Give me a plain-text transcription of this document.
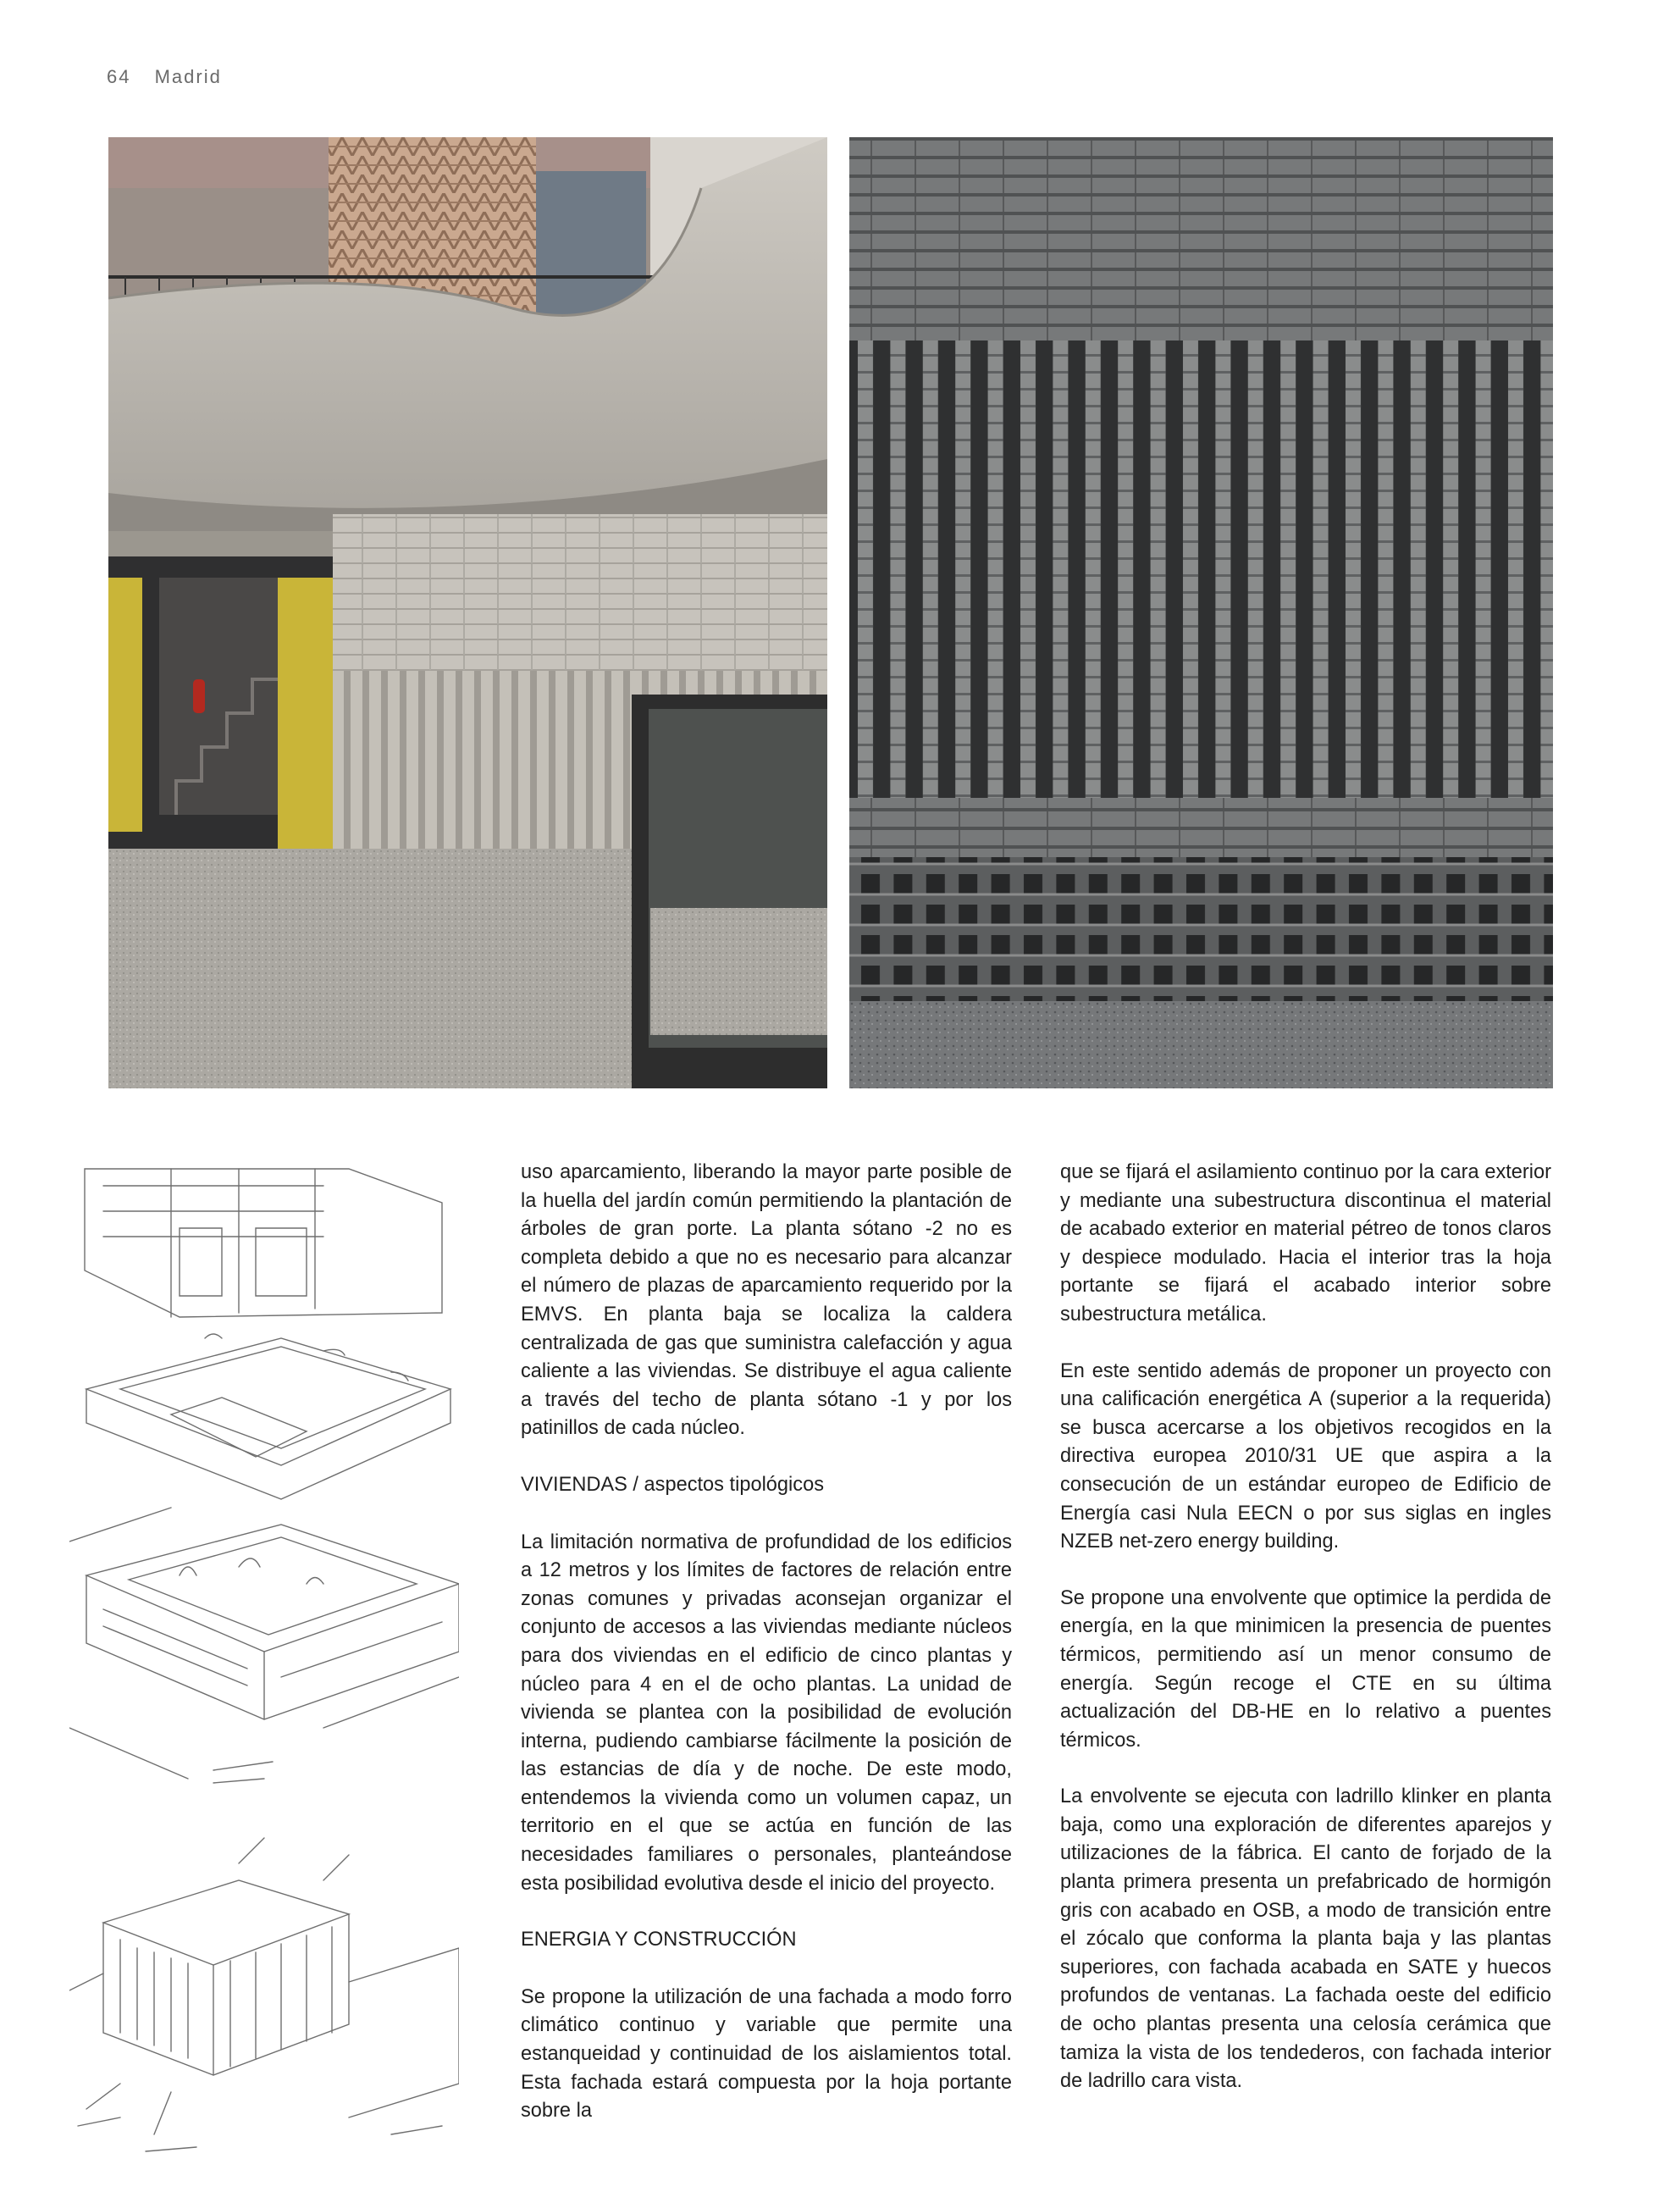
64 Madrid

uso aparcamiento, liberando la mayor parte posible de la huella del jardín común permitiendo la plantación de árboles de gran porte. La planta sótano -2 no es completa debido a que no es necesario para alcanzar el número de plazas de aparcamiento requerido por la EMVS. En planta baja se localiza la caldera centralizada de gas que suministra calefacción y agua caliente a las viviendas. Se distribuye el agua caliente a través del techo de planta sótano -1 y por los patinillos de cada núcleo.

VIVIENDAS / aspectos tipológicos

La limitación normativa de profundidad de los edificios a 12 metros y los límites de factores de relación entre zonas comunes y privadas aconsejan organizar el conjunto de accesos a las viviendas mediante núcleos para dos viviendas en el edificio de cinco plantas y núcleo para 4 en el de ocho plantas. La unidad de vivienda se plantea con la posibilidad de evolución interna, pudiendo cambiarse fácilmente la posición de las estancias de día y de noche. De este modo, entendemos la vivienda como un volumen capaz, un territorio en el que se actúa en función de las necesidades familiares o personales, planteándose esta posibilidad evolutiva desde el inicio del proyecto.

ENERGIA Y CONSTRUCCIÓN

Se propone la utilización de una fachada a modo forro climático continuo y variable que permite una estanqueidad y continuidad de los aislamientos total. Esta fachada estará compuesta por la hoja portante sobre la

que se fijará el asilamiento continuo por la cara exterior y mediante una subestructura discontinua el material de acabado exterior en material pétreo de tonos claros y despiece modulado. Hacia el interior tras la hoja portante se fijará el acabado interior sobre subestructura metálica.

En este sentido además de proponer un proyecto con una calificación energética A (superior a la requerida) se busca acercarse a los objetivos recogidos en la directiva europea 2010/31 UE que aspira a la consecución de un estándar europeo de Edificio de Energía casi Nula EECN o por sus siglas en ingles NZEB net-zero energy building.

Se propone una envolvente que optimice la perdida de energía, en la que minimicen la presencia de puentes térmicos, permitiendo así un menor consumo de energía. Según recoge el CTE en su última actualización del DB-HE en lo relativo a puentes térmicos.

La envolvente se ejecuta con ladrillo klinker en planta baja, como una exploración de diferentes aparejos y utilizaciones de la fábrica. El canto de forjado de la planta primera presenta un prefabricado de hormigón gris con acabado en OSB, a modo de transición entre el zócalo que conforma la planta baja y las plantas superiores, con fachada acabada en SATE y huecos profundos de ventanas. La fachada oeste del edificio de ocho plantas presenta una celosía cerámica que tamiza la vista de los tendederos, con fachada interior de ladrillo cara vista.
